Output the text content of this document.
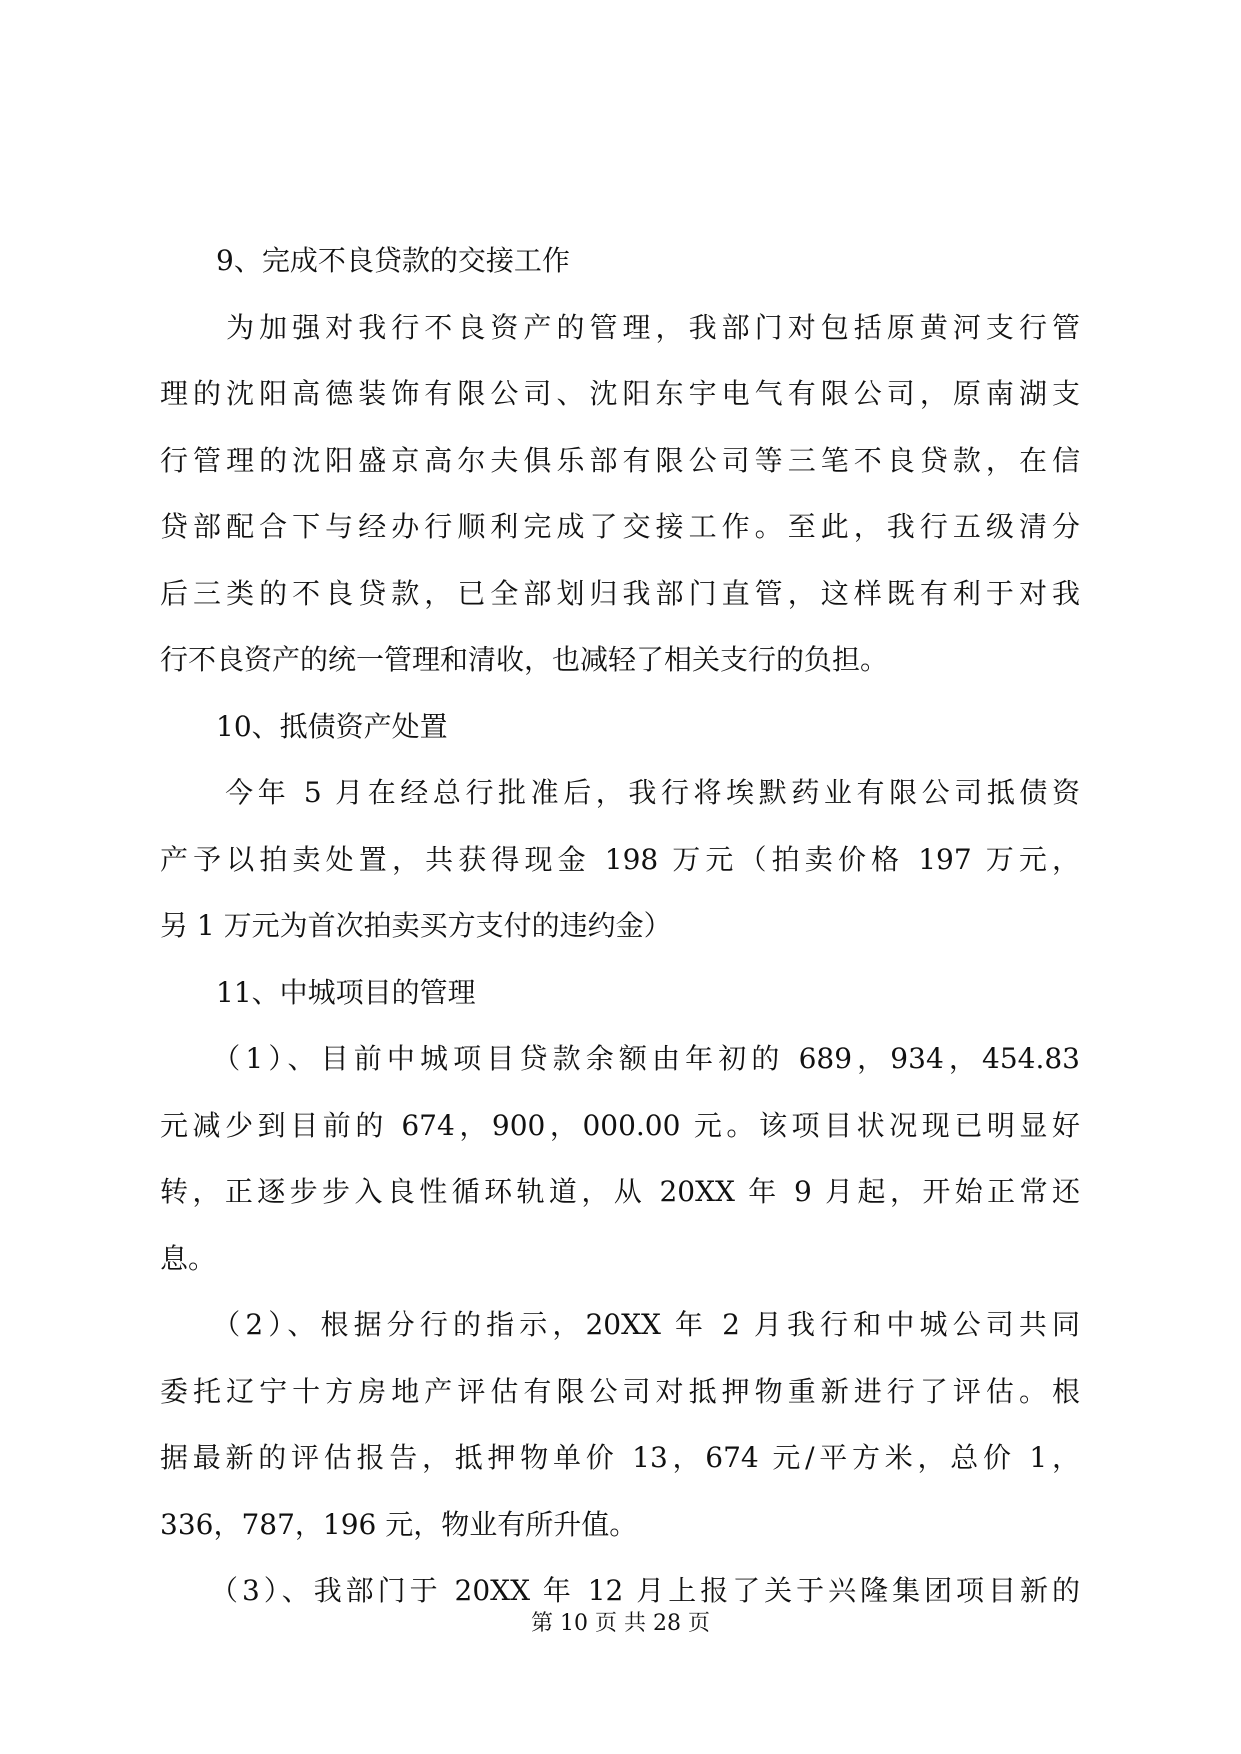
　　9、完成不良贷款的交接工作
　　为加强对我行不良资产的管理，我部门对包括原黄河支行管
理的沈阳高德装饰有限公司、沈阳东宇电气有限公司，原南湖支
行管理的沈阳盛京高尔夫俱乐部有限公司等三笔不良贷款，在信
贷部配合下与经办行顺利完成了交接工作。至此，我行五级清分
后三类的不良贷款，已全部划归我部门直管，这样既有利于对我
行不良资产的统一管理和清收，也减轻了相关支行的负担。
　　10、抵债资产处置
　　今年 5 月在经总行批准后，我行将埃默药业有限公司抵债资
产予以拍卖处置，共获得现金 198 万元（拍卖价格 197 万元，
另 1 万元为首次拍卖买方支付的违约金）
　　11、中城项目的管理
　　（1）、目前中城项目贷款余额由年初的 689，934，454.83
元减少到目前的 674，900，000.00 元。该项目状况现已明显好
转，正逐步步入良性循环轨道，从 20XX 年 9 月起，开始正常还
息。
　　（2）、根据分行的指示，20XX 年 2 月我行和中城公司共同
委托辽宁十方房地产评估有限公司对抵押物重新进行了评估。根
据最新的评估报告，抵押物单价 13，674 元/平方米，总价 1，
336，787，196 元，物业有所升值。
　　（3）、我部门于 20XX 年 12 月上报了关于兴隆集团项目新的
第 10 页 共 28 页
